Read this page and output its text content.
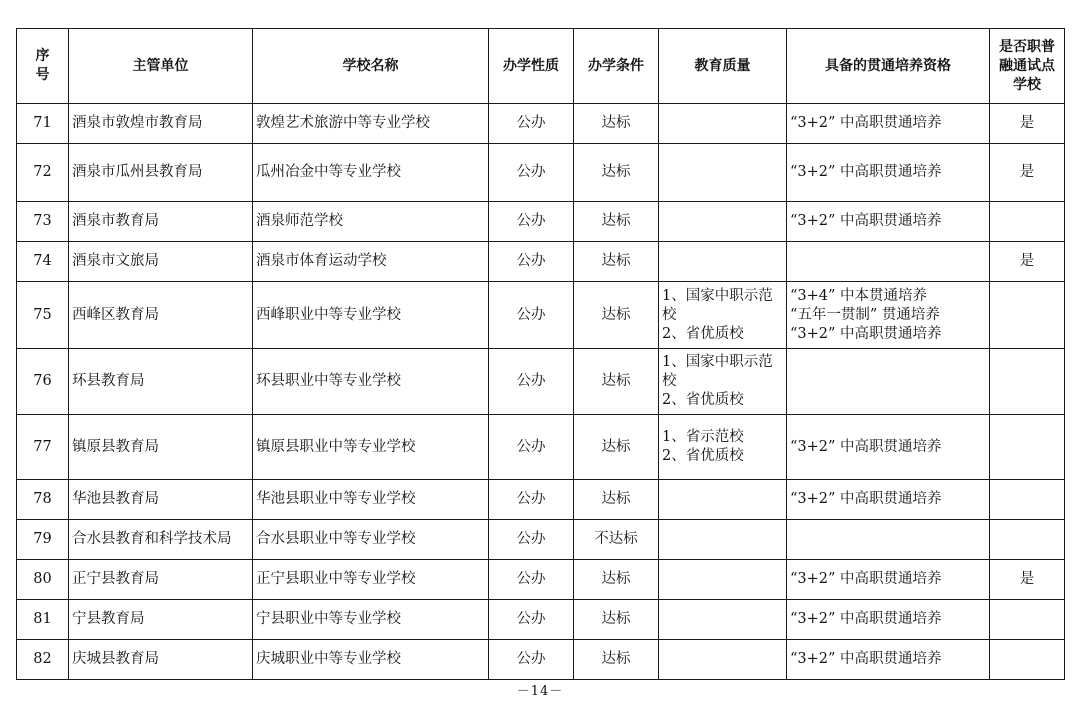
序
号	主管单位	学校名称	办学性质	办学条件	教育质量	具备的贯通培养资格	是否职普
融通试点
学校
71	酒泉市敦煌市教育局	敦煌艺术旅游中等专业学校	公办	达标		“3+2” 中高职贯通培养	是
72	酒泉市瓜州县教育局	瓜州冶金中等专业学校	公办	达标		“3+2” 中高职贯通培养	是
73	酒泉市教育局	酒泉师范学校	公办	达标		“3+2” 中高职贯通培养	
74	酒泉市文旅局	酒泉市体育运动学校	公办	达标			是
75	西峰区教育局	西峰职业中等专业学校	公办	达标	1、国家中职示范
校
2、省优质校	“3+4” 中本贯通培养
“五年一贯制” 贯通培养
“3+2” 中高职贯通培养	
76	环县教育局	环县职业中等专业学校	公办	达标	1、国家中职示范
校
2、省优质校		
77	镇原县教育局	镇原县职业中等专业学校	公办	达标	1、省示范校
2、省优质校	“3+2” 中高职贯通培养	
78	华池县教育局	华池县职业中等专业学校	公办	达标		“3+2” 中高职贯通培养	
79	合水县教育和科学技术局	合水县职业中等专业学校	公办	不达标			
80	正宁县教育局	正宁县职业中等专业学校	公办	达标		“3+2” 中高职贯通培养	是
81	宁县教育局	宁县职业中等专业学校	公办	达标		“3+2” 中高职贯通培养	
82	庆城县教育局	庆城职业中等专业学校	公办	达标		“3+2” 中高职贯通培养	
－14－
